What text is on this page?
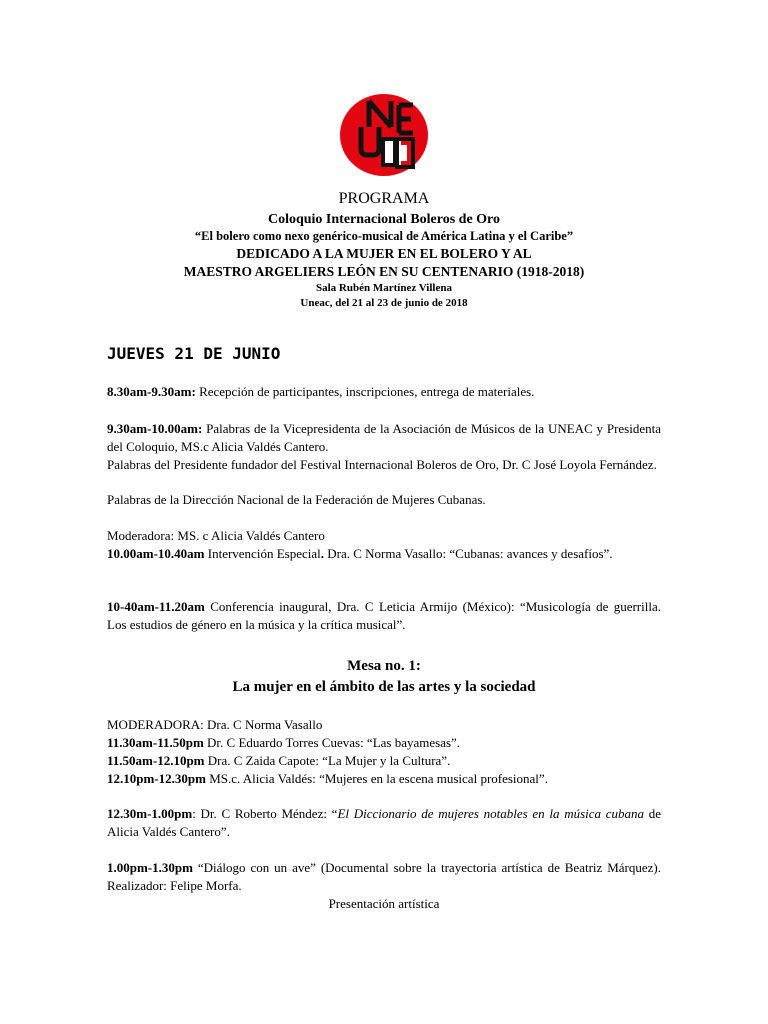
PROGRAMA
Coloquio Internacional Boleros de Oro
“El bolero como nexo genérico-musical de América Latina y el Caribe”
DEDICADO A LA MUJER EN EL BOLERO Y AL
MAESTRO ARGELIERS LEÓN EN SU CENTENARIO (1918-2018)
Sala Rubén Martínez Villena
Uneac, del 21 al 23 de junio de 2018
JUEVES 21 DE JUNIO
8.30am-9.30am: Recepción de participantes, inscripciones, entrega de materiales.
9.30am-10.00am: Palabras de la Vicepresidenta de la Asociación de Músicos de la UNEAC y Presidenta del Coloquio, MS.c Alicia Valdés Cantero.
Palabras del Presidente fundador del Festival Internacional Boleros de Oro, Dr. C José Loyola Fernández.
Palabras de la Dirección Nacional de la Federación de Mujeres Cubanas.
Moderadora: MS. c Alicia Valdés Cantero
10.00am-10.40am Intervención Especial. Dra. C Norma Vasallo: “Cubanas: avances y desafíos”.
10-40am-11.20am Conferencia inaugural, Dra. C Leticia Armijo (México): “Musicología de guerrilla. Los estudios de género en la música y la crítica musical”.
Mesa no. 1:
La mujer en el ámbito de las artes y la sociedad
MODERADORA: Dra. C Norma Vasallo
11.30am-11.50pm Dr. C Eduardo Torres Cuevas: “Las bayamesas”.
11.50am-12.10pm Dra. C Zaida Capote: “La Mujer y la Cultura”.
12.10pm-12.30pm MS.c. Alicia Valdés: “Mujeres en la escena musical profesional”.
12.30m-1.00pm: Dr. C Roberto Méndez: “El Diccionario de mujeres notables en la música cubana de Alicia Valdés Cantero”.
1.00pm-1.30pm “Diálogo con un ave” (Documental sobre la trayectoria artística de Beatriz Márquez). Realizador: Felipe Morfa.
Presentación artística
